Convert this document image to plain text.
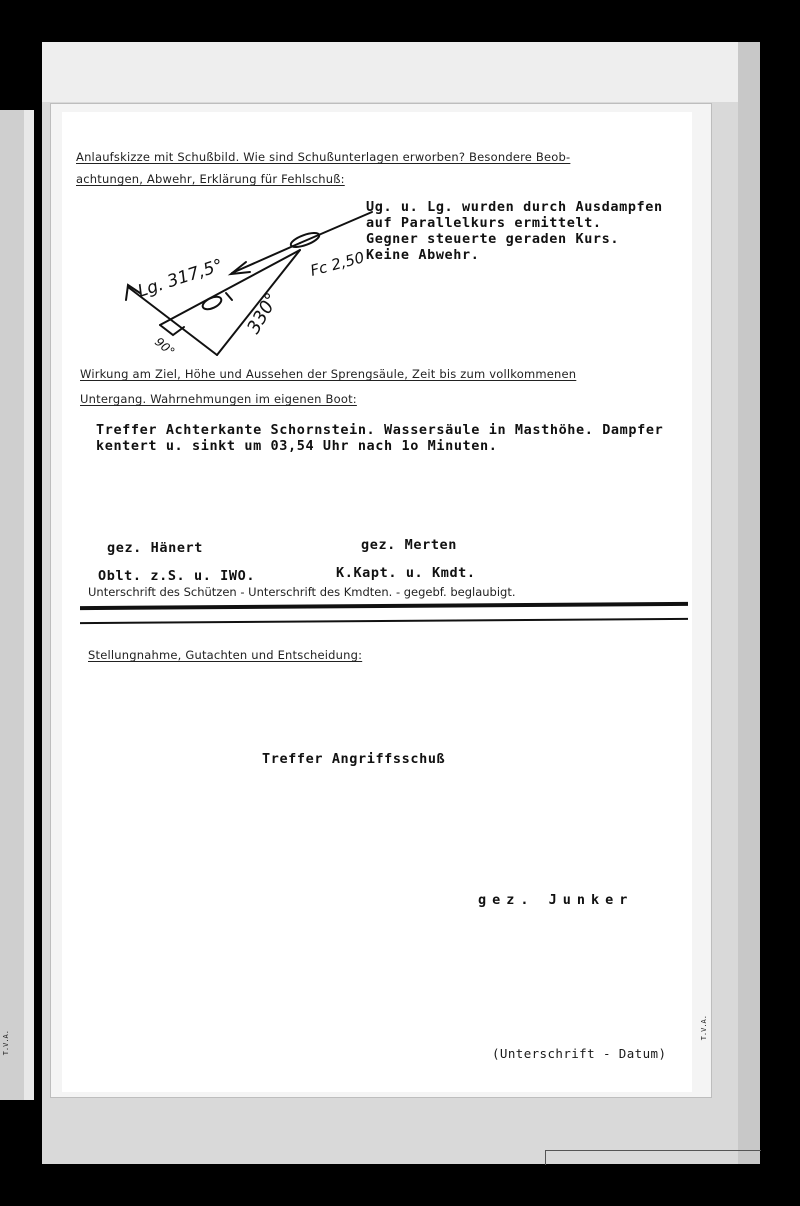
T.V.A.
T.V.A.
Anlaufskizze mit Schußbild. Wie sind Schußunterlagen erworben? Besondere Beob-
achtungen, Abwehr, Erklärung für Fehlschuß:
Ug. u. Lg. wurden durch Ausdampfen
auf Parallelkurs ermittelt.
Gegner steuerte geraden Kurs.
Keine Abwehr.
Lg. 317,5°	Fc 2,50
330°
90°
Wirkung am Ziel, Höhe und Aussehen der Sprengsäule, Zeit bis zum vollkommenen
Untergang. Wahrnehmungen im eigenen Boot:
Treffer Achterkante Schornstein. Wassersäule in Masthöhe. Dampfer
kentert u. sinkt um 03,54 Uhr nach 1o Minuten.
gez. Hänert	gez. Merten
Oblt. z.S. u. IWO.	K.Kapt. u. Kmdt.
Unterschrift des Schützen - Unterschrift des Kmdten. - gegebf. beglaubigt.
Stellungnahme, Gutachten und Entscheidung:
Treffer Angriffsschuß
gez. Junker
(Unterschrift - Datum)
